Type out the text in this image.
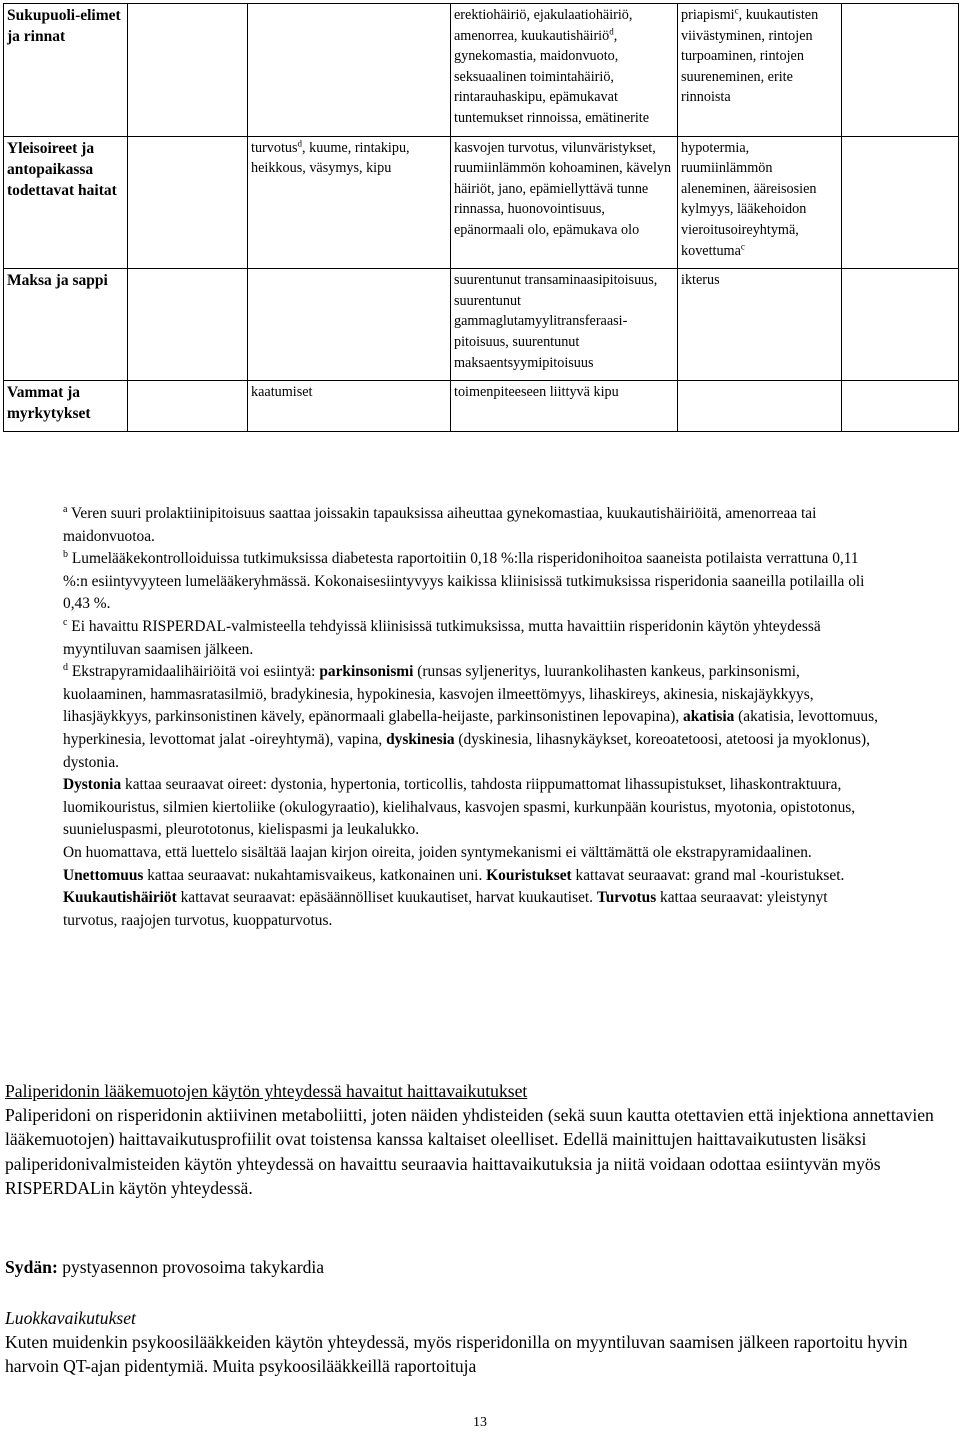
Sukupuoli-elimet ja rinnat			erektiohäiriö, ejakulaatiohäiriö, amenorrea, kuukautishäiriö$^d$, gynekomastia, maidonvuoto, seksuaalinen toimintahäiriö, rintarauhaskipu, epämukavat tuntemukset rinnoissa, emätinerite	priapismi$^c$, kuukautisten viivästyminen, rintojen turpoaminen, rintojen suureneminen, erite rinnoista	
Yleisoireet ja antopaikassa todettavat haitat		turvotus$^d$, kuume, rintakipu, heikkous, väsymys, kipu	kasvojen turvotus, vilunväristykset, ruumiinlämmön kohoaminen, kävelyn häiriöt, jano, epämiellyttävä tunne rinnassa, huonovointisuus, epänormaali olo, epämukava olo	hypotermia, ruumiinlämmön aleneminen, ääreisosien kylmyys, lääkehoidon vieroitusoireyhtymä, kovettuma$^c$	
Maksa ja sappi			suurentunut transaminaasipitoisuus, suurentunut gammaglutamyylitransferaasi-pitoisuus, suurentunut maksaentsyymipitoisuus	ikterus	
Vammat ja myrkytykset		kaatumiset	toimenpiteeseen liittyvä kipu		

$^a$ Veren suuri prolaktiinipitoisuus saattaa joissakin tapauksissa aiheuttaa gynekomastiaa, kuukautishäiriöitä, amenorreaa tai maidonvuotoa.

$^b$ Lumelääkekontrolloiduissa tutkimuksissa diabetesta raportoitiin 0,18 %:lla risperidonihoitoa saaneista potilaista verrattuna 0,11 %:n esiintyvyyteen lumelääkeryhmässä. Kokonaisesiintyvyys kaikissa kliinisissä tutkimuksissa risperidonia saaneilla potilailla oli 0,43 %.

$^c$ Ei havaittu RISPERDAL-valmisteella tehdyissä kliinisissä tutkimuksissa, mutta havaittiin risperidonin käytön yhteydessä myyntiluvan saamisen jälkeen.

$^d$ Ekstrapyramidaalihäiriöitä voi esiintyä: parkinsonismi (runsas syljeneritys, luurankolihasten kankeus, parkinsonismi, kuolaaminen, hammasratasilmiö, bradykinesia, hypokinesia, kasvojen ilmeettömyys, lihaskireys, akinesia, niskajäykkyys, lihasjäykkyys, parkinsonistinen kävely, epänormaali glabella-heijaste, parkinsonistinen lepovapina), akatisia (akatisia, levottomuus, hyperkinesia, levottomat jalat -oireyhtymä), vapina, dyskinesia (dyskinesia, lihasnykäykset, koreoatetoosi, atetoosi ja myoklonus), dystonia.

Dystonia kattaa seuraavat oireet: dystonia, hypertonia, torticollis, tahdosta riippumattomat lihassupistukset, lihaskontraktuura, luomikouristus, silmien kiertoliike (okulogyraatio), kielihalvaus, kasvojen spasmi, kurkunpään kouristus, myotonia, opistotonus, suunieluspasmi, pleurototonus, kielispasmi ja leukalukko.

On huomattava, että luettelo sisältää laajan kirjon oireita, joiden syntymekanismi ei välttämättä ole ekstrapyramidaalinen.

Unettomuus kattaa seuraavat: nukahtamisvaikeus, katkonainen uni. Kouristukset kattavat seuraavat: grand mal -kouristukset. Kuukautishäiriöt kattavat seuraavat: epäsäännölliset kuukautiset, harvat kuukautiset. Turvotus kattaa seuraavat: yleistynyt turvotus, raajojen turvotus, kuoppaturvotus.

Paliperidonin lääkemuotojen käytön yhteydessä havaitut haittavaikutukset

Paliperidoni on risperidonin aktiivinen metaboliitti, joten näiden yhdisteiden (sekä suun kautta otettavien että injektiona annettavien lääkemuotojen) haittavaikutusprofiilit ovat toistensa kanssa kaltaiset oleelliset. Edellä mainittujen haittavaikutusten lisäksi paliperidonivalmisteiden käytön yhteydessä on havaittu seuraavia haittavaikutuksia ja niitä voidaan odottaa esiintyvän myös RISPERDALin käytön yhteydessä.

Sydän: pystyasennon provosoima takykardia

Luokkavaikutukset

Kuten muidenkin psykoosilääkkeiden käytön yhteydessä, myös risperidonilla on myyntiluvan saamisen jälkeen raportoitu hyvin harvoin QT-ajan pidentymiä. Muita psykoosilääkkeillä raportoituja

13
